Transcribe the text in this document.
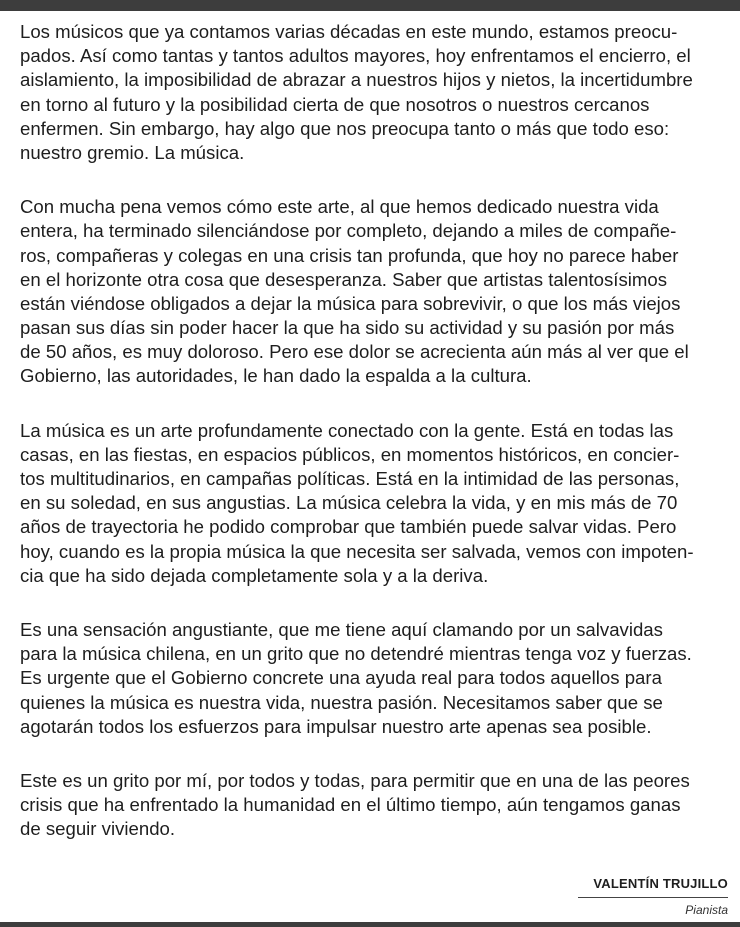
Los músicos que ya contamos varias décadas en este mundo, estamos preocu-
pados. Así como tantas y tantos adultos mayores, hoy enfrentamos el encierro, el
aislamiento, la imposibilidad de abrazar a nuestros hijos y nietos, la incertidumbre
en torno al futuro y la posibilidad cierta de que nosotros o nuestros cercanos
enfermen. Sin embargo, hay algo que nos preocupa tanto o más que todo eso:
nuestro gremio. La música.

Con mucha pena vemos cómo este arte, al que hemos dedicado nuestra vida
entera, ha terminado silenciándose por completo, dejando a miles de compañe-
ros, compañeras y colegas en una crisis tan profunda, que hoy no parece haber
en el horizonte otra cosa que desesperanza. Saber que artistas talentosísimos
están viéndose obligados a dejar la música para sobrevivir, o que los más viejos
pasan sus días sin poder hacer la que ha sido su actividad y su pasión por más
de 50 años, es muy doloroso. Pero ese dolor se acrecienta aún más al ver que el
Gobierno, las autoridades, le han dado la espalda a la cultura.

La música es un arte profundamente conectado con la gente. Está en todas las
casas, en las fiestas, en espacios públicos, en momentos históricos, en concier-
tos multitudinarios, en campañas políticas. Está en la intimidad de las personas,
en su soledad, en sus angustias. La música celebra la vida, y en mis más de 70
años de trayectoria he podido comprobar que también puede salvar vidas. Pero
hoy, cuando es la propia música la que necesita ser salvada, vemos con impoten-
cia que ha sido dejada completamente sola y a la deriva.

Es una sensación angustiante, que me tiene aquí clamando por un salvavidas
para la música chilena, en un grito que no detendré mientras tenga voz y fuerzas.
Es urgente que el Gobierno concrete una ayuda real para todos aquellos para
quienes la música es nuestra vida, nuestra pasión. Necesitamos saber que se
agotarán todos los esfuerzos para impulsar nuestro arte apenas sea posible.

Este es un grito por mí, por todos y todas, para permitir que en una de las peores
crisis que ha enfrentado la humanidad en el último tiempo, aún tengamos ganas
de seguir viviendo.

VALENTÍN TRUJILLO
Pianista
